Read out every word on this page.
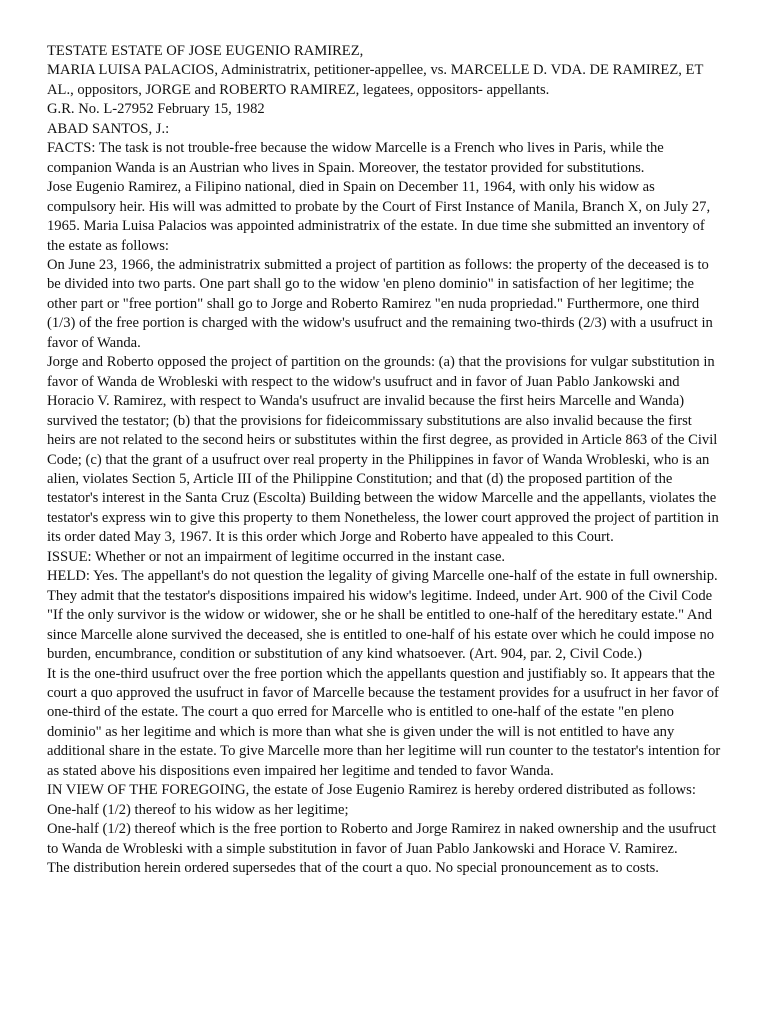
TESTATE ESTATE OF JOSE EUGENIO RAMIREZ,
MARIA LUISA PALACIOS, Administratrix, petitioner-appellee, vs. MARCELLE D. VDA. DE RAMIREZ, ET AL., oppositors, JORGE and ROBERTO RAMIREZ, legatees, oppositors- appellants.
G.R. No. L-27952 February 15, 1982
ABAD SANTOS, J.:
FACTS: The task is not trouble-free because the widow Marcelle is a French who lives in Paris, while the companion Wanda is an Austrian who lives in Spain. Moreover, the testator provided for substitutions.
Jose Eugenio Ramirez, a Filipino national, died in Spain on December 11, 1964, with only his widow as compulsory heir. His will was admitted to probate by the Court of First Instance of Manila, Branch X, on July 27, 1965. Maria Luisa Palacios was appointed administratrix of the estate. In due time she submitted an inventory of the estate as follows:
On June 23, 1966, the administratrix submitted a project of partition as follows: the property of the deceased is to be divided into two parts. One part shall go to the widow 'en pleno dominio" in satisfaction of her legitime; the other part or "free portion" shall go to Jorge and Roberto Ramirez "en nuda propriedad." Furthermore, one third (1/3) of the free portion is charged with the widow's usufruct and the remaining two-thirds (2/3) with a usufruct in favor of Wanda.
Jorge and Roberto opposed the project of partition on the grounds: (a) that the provisions for vulgar substitution in favor of Wanda de Wrobleski with respect to the widow's usufruct and in favor of Juan Pablo Jankowski and Horacio V. Ramirez, with respect to Wanda's usufruct are invalid because the first heirs Marcelle and Wanda) survived the testator; (b) that the provisions for fideicommissary substitutions are also invalid because the first heirs are not related to the second heirs or substitutes within the first degree, as provided in Article 863 of the Civil Code; (c) that the grant of a usufruct over real property in the Philippines in favor of Wanda Wrobleski, who is an alien, violates Section 5, Article III of the Philippine Constitution; and that (d) the proposed partition of the testator's interest in the Santa Cruz (Escolta) Building between the widow Marcelle and the appellants, violates the testator's express win to give this property to them Nonetheless, the lower court approved the project of partition in its order dated May 3, 1967. It is this order which Jorge and Roberto have appealed to this Court.
ISSUE: Whether or not an impairment of legitime occurred in the instant case.
HELD: Yes. The appellant's do not question the legality of giving Marcelle one-half of the estate in full ownership. They admit that the testator's dispositions impaired his widow's legitime. Indeed, under Art. 900 of the Civil Code "If the only survivor is the widow or widower, she or he shall be entitled to one-half of the hereditary estate." And since Marcelle alone survived the deceased, she is entitled to one-half of his estate over which he could impose no burden, encumbrance, condition or substitution of any kind whatsoever. (Art. 904, par. 2, Civil Code.)
It is the one-third usufruct over the free portion which the appellants question and justifiably so. It appears that the court a quo approved the usufruct in favor of Marcelle because the testament provides for a usufruct in her favor of one-third of the estate. The court a quo erred for Marcelle who is entitled to one-half of the estate "en pleno dominio" as her legitime and which is more than what she is given under the will is not entitled to have any
additional share in the estate. To give Marcelle more than her legitime will run counter to the testator's intention for as stated above his dispositions even impaired her legitime and tended to favor Wanda.
IN VIEW OF THE FOREGOING, the estate of Jose Eugenio Ramirez is hereby ordered distributed as follows:
One-half (1/2) thereof to his widow as her legitime;
One-half (1/2) thereof which is the free portion to Roberto and Jorge Ramirez in naked ownership and the usufruct to Wanda de Wrobleski with a simple substitution in favor of Juan Pablo Jankowski and Horace V. Ramirez.
The distribution herein ordered supersedes that of the court a quo. No special pronouncement as to costs.
